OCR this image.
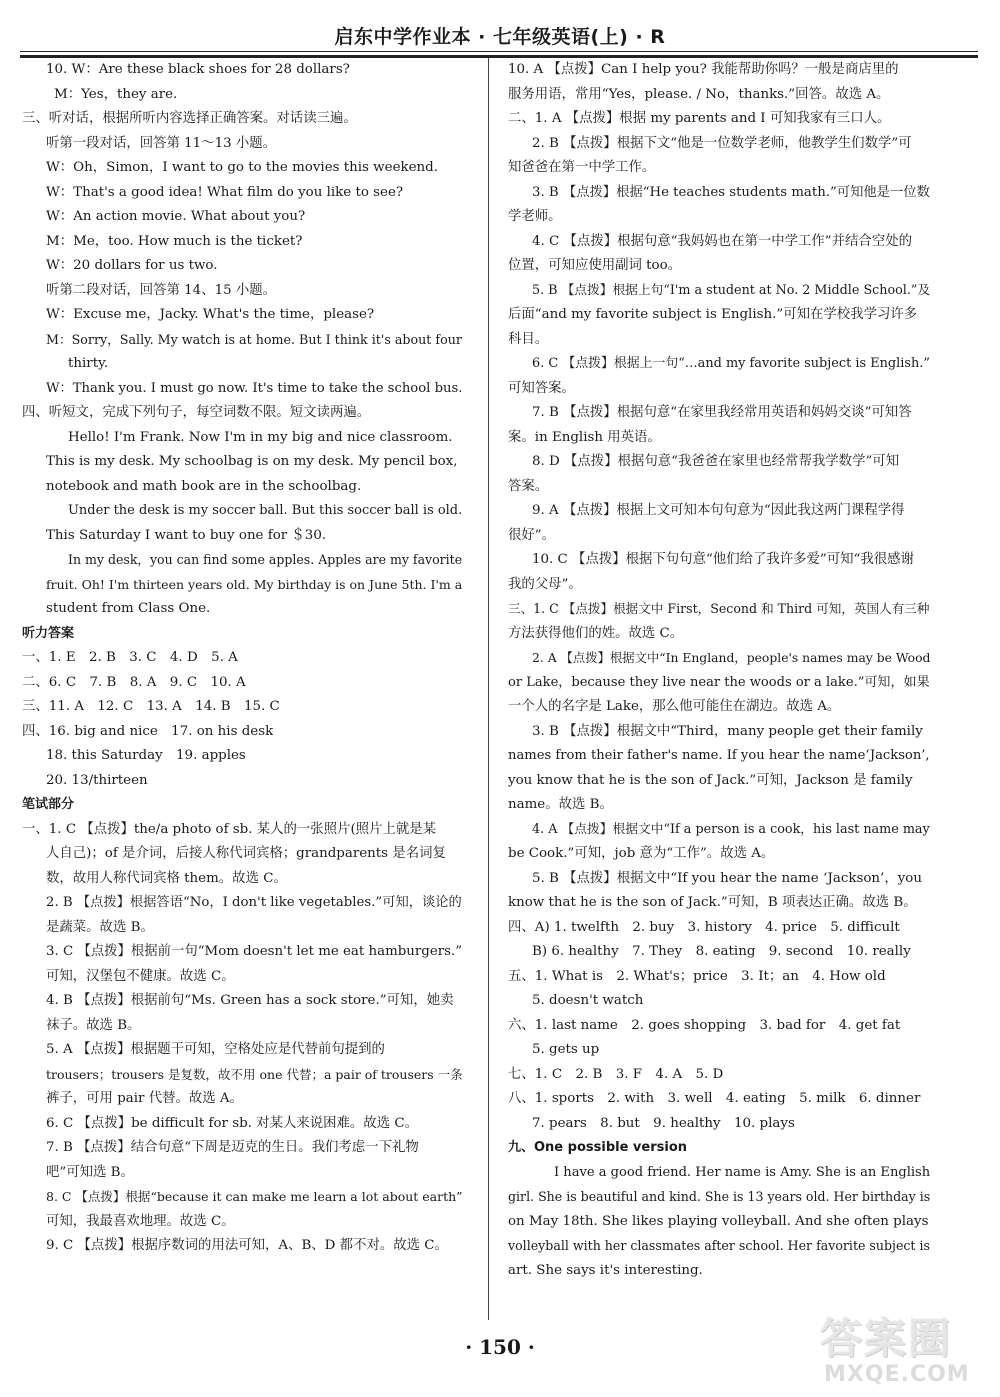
启东中学作业本 · 七年级英语(上) · R
10. W：Are these black shoes for 28 dollars?
M：Yes，they are.
三、听对话，根据所听内容选择正确答案。对话读三遍。
听第一段对话，回答第 11～13 小题。
W：Oh，Simon，I want to go to the movies this weekend.
W：That's a good idea! What film do you like to see?
W：An action movie. What about you?
M：Me，too. How much is the ticket?
W：20 dollars for us two.
听第二段对话，回答第 14、15 小题。
W：Excuse me，Jacky. What's the time，please?
M：Sorry，Sally. My watch is at home. But I think it's about four
thirty.
W：Thank you. I must go now. It's time to take the school bus.
四、听短文，完成下列句子，每空词数不限。短文读两遍。
Hello! I'm Frank. Now I'm in my big and nice classroom.
This is my desk. My schoolbag is on my desk. My pencil box,
notebook and math book are in the schoolbag.
Under the desk is my soccer ball. But this soccer ball is old.
This Saturday I want to buy one for ＄30.
In my desk，you can find some apples. Apples are my favorite
fruit. Oh! I'm thirteen years old. My birthday is on June 5th. I'm a
student from Class One.
听力答案
一、1. E　2. B　3. C　4. D　5. A
二、6. C　7. B　8. A　9. C　10. A
三、11. A　12. C　13. A　14. B　15. C
四、16. big and nice　17. on his desk
18. this Saturday　19. apples
20. 13/thirteen
笔试部分
一、1. C 【点拨】the/a photo of sb. 某人的一张照片(照片上就是某
人自己)；of 是介词，后接人称代词宾格；grandparents 是名词复
数，故用人称代词宾格 them。故选 C。
2. B 【点拨】根据答语“No，I don't like vegetables.”可知，谈论的
是蔬菜。故选 B。
3. C 【点拨】根据前一句“Mom doesn't let me eat hamburgers.”
可知，汉堡包不健康。故选 C。
4. B 【点拨】根据前句“Ms. Green has a sock store.”可知，她卖
袜子。故选 B。
5. A 【点拨】根据题干可知，空格处应是代替前句提到的
trousers；trousers 是复数，故不用 one 代替；a pair of trousers 一条
裤子，可用 pair 代替。故选 A。
6. C 【点拨】be difficult for sb. 对某人来说困难。故选 C。
7. B 【点拨】结合句意“下周是迈克的生日。我们考虑一下礼物
吧”可知选 B。
8. C 【点拨】根据“because it can make me learn a lot about earth”
可知，我最喜欢地理。故选 C。
9. C 【点拨】根据序数词的用法可知，A、B、D 都不对。故选 C。
10. A 【点拨】Can I help you? 我能帮助你吗？一般是商店里的
服务用语，常用“Yes，please. / No，thanks.”回答。故选 A。
二、1. A 【点拨】根据 my parents and I 可知我家有三口人。
2. B 【点拨】根据下文“他是一位数学老师，他教学生们数学”可
知爸爸在第一中学工作。
3. B 【点拨】根据“He teaches students math.”可知他是一位数
学老师。
4. C 【点拨】根据句意“我妈妈也在第一中学工作”并结合空处的
位置，可知应使用副词 too。
5. B 【点拨】根据上句“I'm a student at No. 2 Middle School.”及
后面“and my favorite subject is English.”可知在学校我学习许多
科目。
6. C 【点拨】根据上一句“…and my favorite subject is English.”
可知答案。
7. B 【点拨】根据句意“在家里我经常用英语和妈妈交谈”可知答
案。in English 用英语。
8. D 【点拨】根据句意“我爸爸在家里也经常帮我学数学”可知
答案。
9. A 【点拨】根据上文可知本句句意为“因此我这两门课程学得
很好”。
10. C 【点拨】根据下句句意“他们给了我许多爱”可知“我很感谢
我的父母”。
三、1. C 【点拨】根据文中 First，Second 和 Third 可知，英国人有三种
方法获得他们的姓。故选 C。
2. A 【点拨】根据文中“In England，people's names may be Wood
or Lake，because they live near the woods or a lake.”可知，如果
一个人的名字是 Lake，那么他可能住在湖边。故选 A。
3. B 【点拨】根据文中“Third，many people get their family
names from their father's name. If you hear the name‘Jackson’,
you know that he is the son of Jack.”可知，Jackson 是 family
name。故选 B。
4. A 【点拨】根据文中“If a person is a cook，his last name may
be Cook.”可知，job 意为“工作”。故选 A。
5. B 【点拨】根据文中“If you hear the name ‘Jackson’，you
know that he is the son of Jack.”可知，B 项表达正确。故选 B。
四、A) 1. twelfth　2. buy　3. history　4. price　5. difficult
B) 6. healthy　7. They　8. eating　9. second　10. really
五、1. What is　2. What's；price　3. It；an　4. How old
5. doesn't watch
六、1. last name　2. goes shopping　3. bad for　4. get fat
5. gets up
七、1. C　2. B　3. F　4. A　5. D
八、1. sports　2. with　3. well　4. eating　5. milk　6. dinner
7. pears　8. but　9. healthy　10. plays
九、One possible version
I have a good friend. Her name is Amy. She is an English
girl. She is beautiful and kind. She is 13 years old. Her birthday is
on May 18th. She likes playing volleyball. And she often plays
volleyball with her classmates after school. Her favorite subject is
art. She says it's interesting.
· 150 ·	答案圈
MXQE.COM
